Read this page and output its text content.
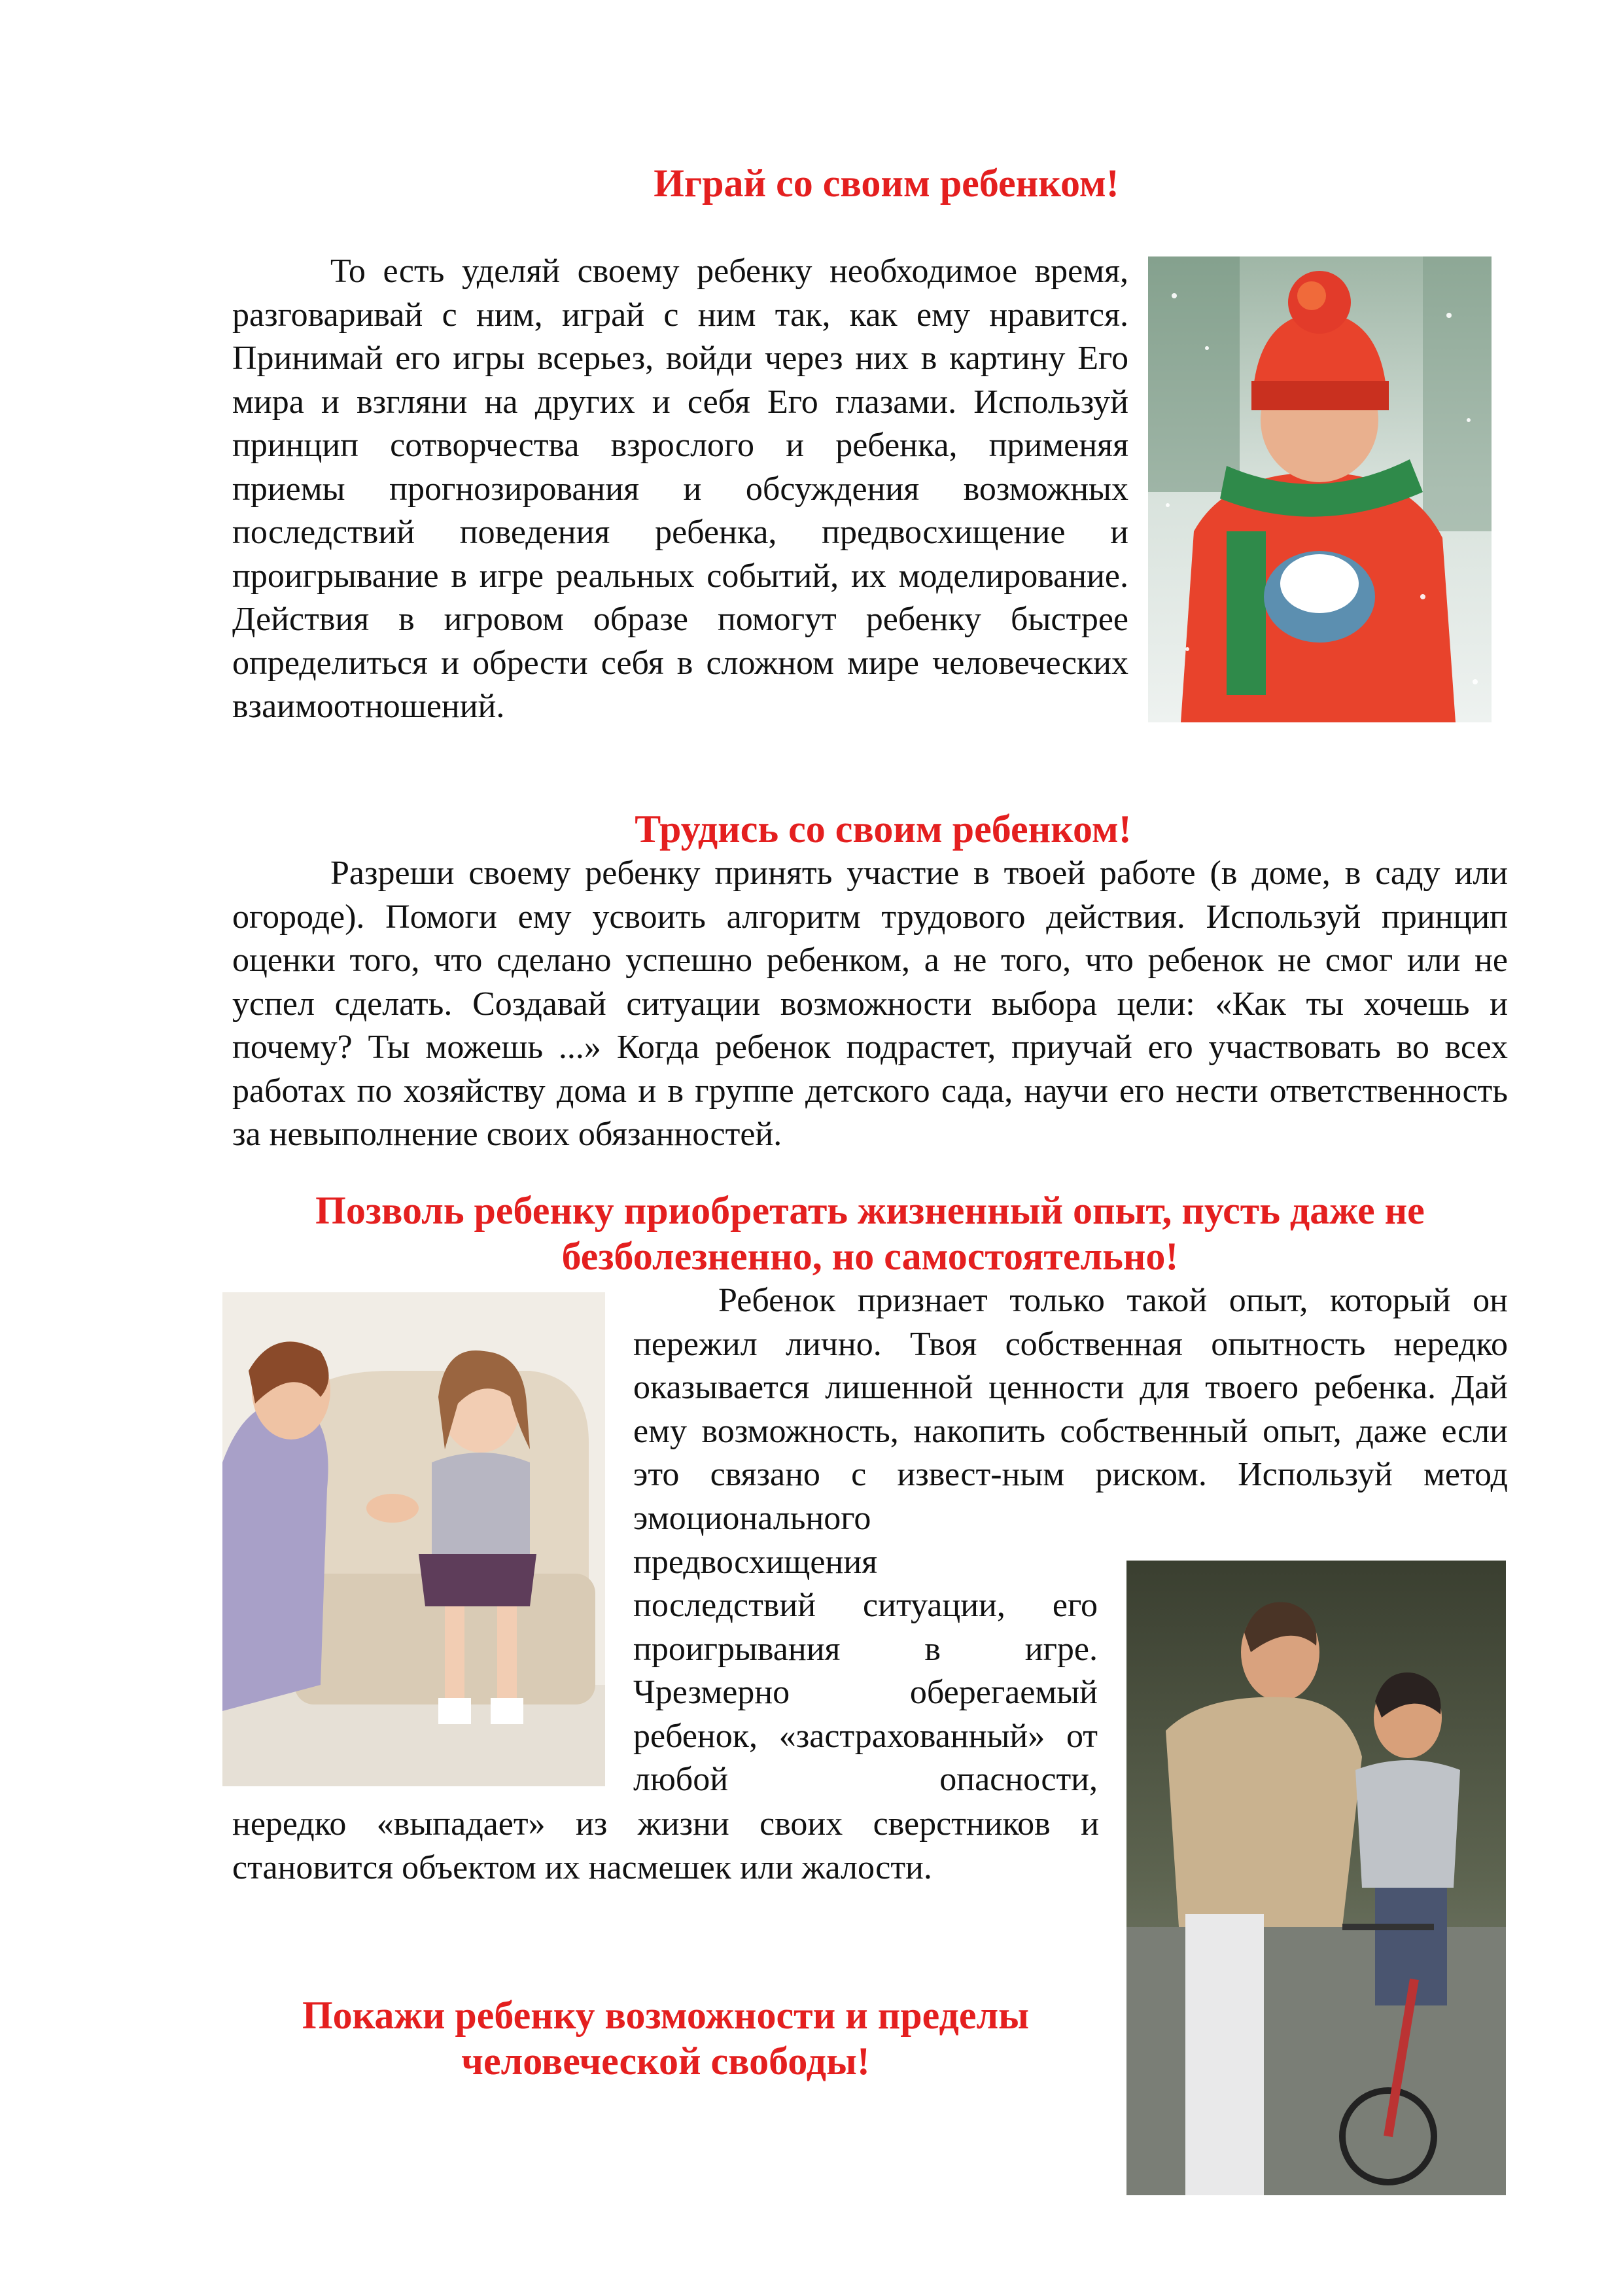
Играй со своим ребенком!

То есть уделяй своему ребенку необходимое время, разговаривай с ним, играй с ним так, как ему нравится. Принимай его игры всерьез, войди через них в картину Его мира и взгляни на других и себя Его глазами. Используй принцип сотворчества взрослого и ребенка, применяя приемы прогнозирования и обсуждения возможных последствий поведения ребенка, предвосхищение и проигрывание в игре реальных событий, их моделирование. Действия в игровом образе помогут ребенку быстрее определиться и обрести себя в сложном мире человеческих взаимоотношений.

Трудись со своим ребенком!

Разреши своему ребенку принять участие в твоей работе (в доме, в саду или огороде). Помоги ему усвоить алгоритм трудового действия. Используй принцип оценки того, что сделано успешно ребенком, а не того, что ребенок не смог или не успел сделать. Создавай ситуации возможности выбора цели: «Как ты хочешь и почему? Ты можешь ...» Когда ребенок подрастет, приучай его участвовать во всех работах по хозяйству дома и в группе детского сада, научи его нести ответственность за невыполнение своих обязанностей.

Позволь ребенку приобретать жизненный опыт, пусть даже не
безболезненно, но самостоятельно!

Ребенок признает только такой опыт, который он пережил лично. Твоя собственная опытность нередко оказывается лишенной ценности для твоего ребенка. Дай ему возможность, накопить собственный опыт, даже если это связано с извест-ным риском. Используй метод эмоционального

предвосхищения

последствий ситуации, его проигрывания в игре. Чрезмерно оберегаемый ребенок, «застрахованный» от любой опасности,

нередко «выпадает» из жизни своих сверстников и становится объектом их насмешек или жалости.

Покажи ребенку возможности и пределы
человеческой свободы!
